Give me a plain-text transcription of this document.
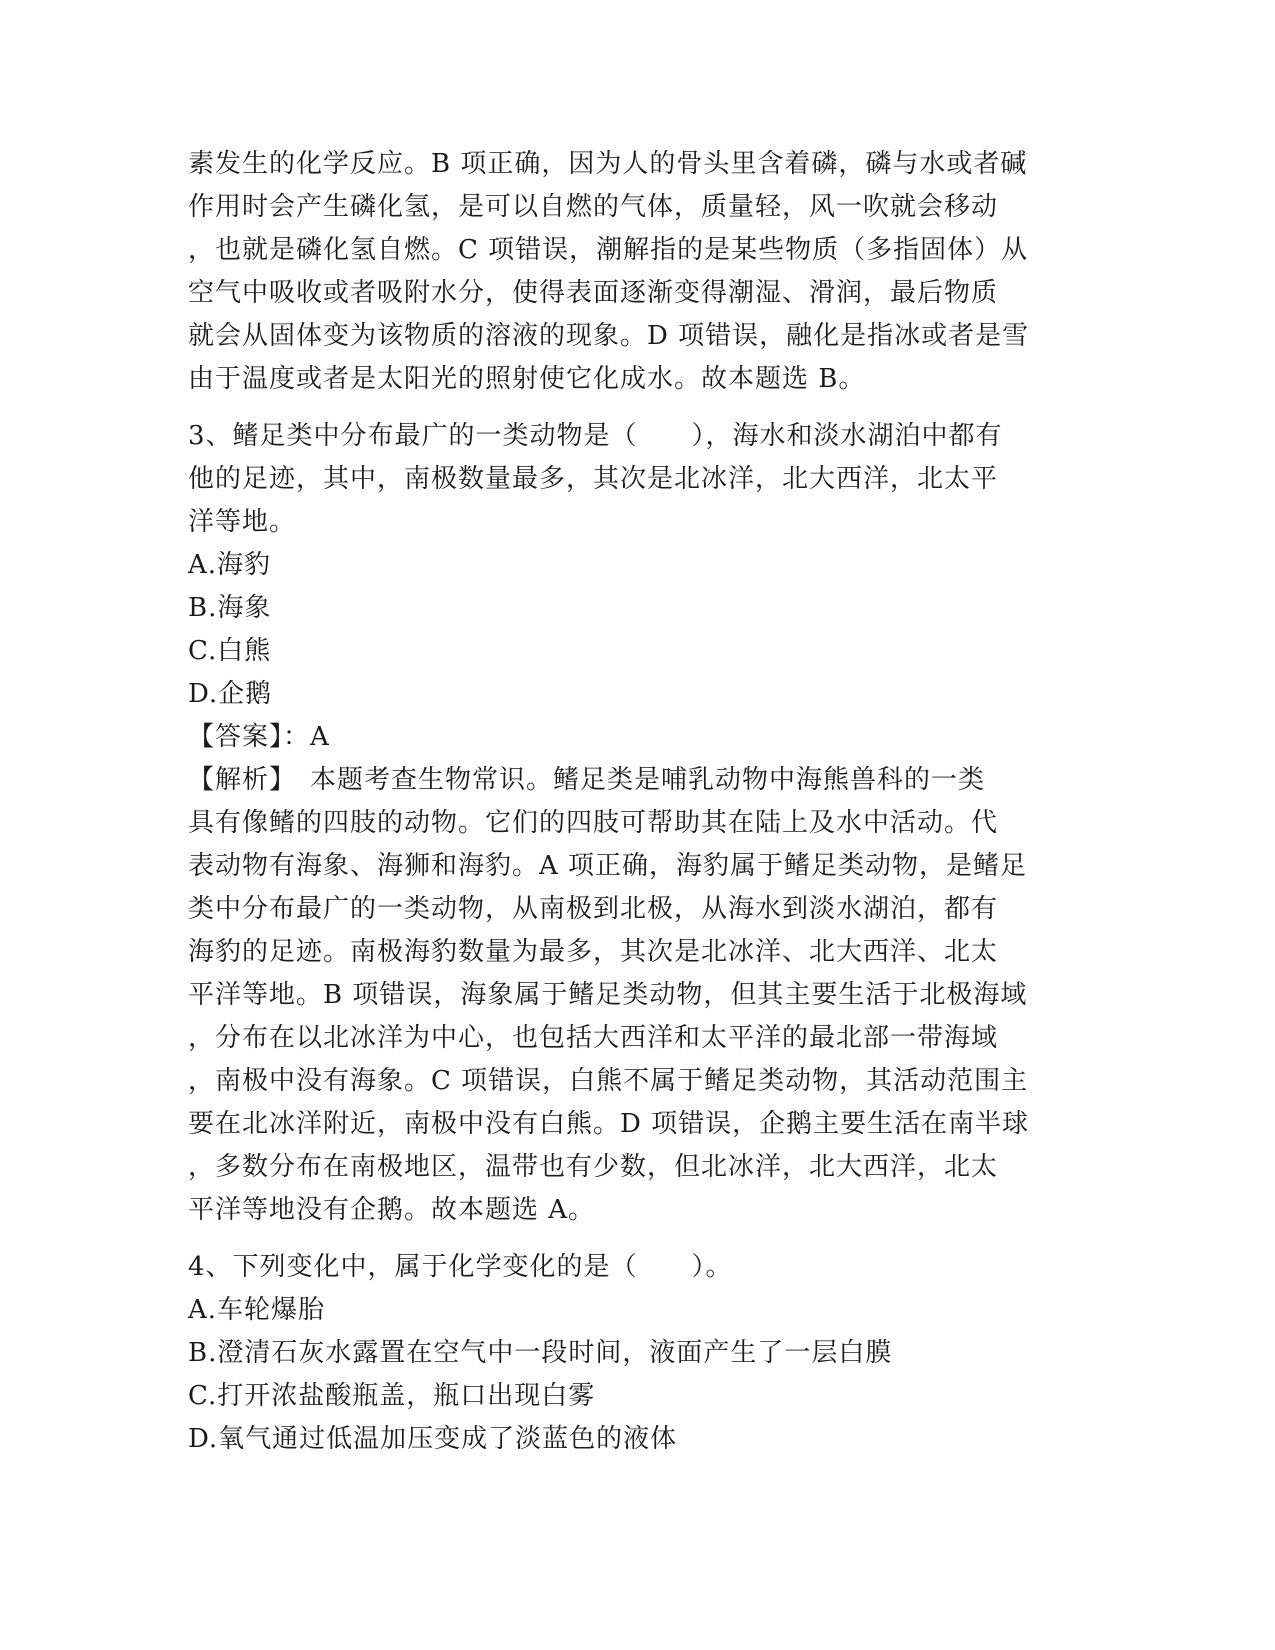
素发生的化学反应。B 项正确，因为人的骨头里含着磷，磷与水或者碱
作用时会产生磷化氢，是可以自燃的气体，质量轻，风一吹就会移动
，也就是磷化氢自燃。C 项错误，潮解指的是某些物质（多指固体）从
空气中吸收或者吸附水分，使得表面逐渐变得潮湿、滑润，最后物质
就会从固体变为该物质的溶液的现象。D 项错误，融化是指冰或者是雪
由于温度或者是太阳光的照射使它化成水。故本题选 B。
3、鳍足类中分布最广的一类动物是（　　），海水和淡水湖泊中都有
他的足迹，其中，南极数量最多，其次是北冰洋，北大西洋，北太平
洋等地。
A.海豹
B.海象
C.白熊
D.企鹅
【答案】：A
【解析】　本题考查生物常识。鳍足类是哺乳动物中海熊兽科的一类
具有像鳍的四肢的动物。它们的四肢可帮助其在陆上及水中活动。代
表动物有海象、海狮和海豹。A 项正确，海豹属于鳍足类动物，是鳍足
类中分布最广的一类动物，从南极到北极，从海水到淡水湖泊，都有
海豹的足迹。南极海豹数量为最多，其次是北冰洋、北大西洋、北太
平洋等地。B 项错误，海象属于鳍足类动物，但其主要生活于北极海域
，分布在以北冰洋为中心，也包括大西洋和太平洋的最北部一带海域
，南极中没有海象。C 项错误，白熊不属于鳍足类动物，其活动范围主
要在北冰洋附近，南极中没有白熊。D 项错误，企鹅主要生活在南半球
，多数分布在南极地区，温带也有少数，但北冰洋，北大西洋，北太
平洋等地没有企鹅。故本题选 A。
4、下列变化中，属于化学变化的是（　　）。
A.车轮爆胎
B.澄清石灰水露置在空气中一段时间，液面产生了一层白膜
C.打开浓盐酸瓶盖，瓶口出现白雾
D.氧气通过低温加压变成了淡蓝色的液体
